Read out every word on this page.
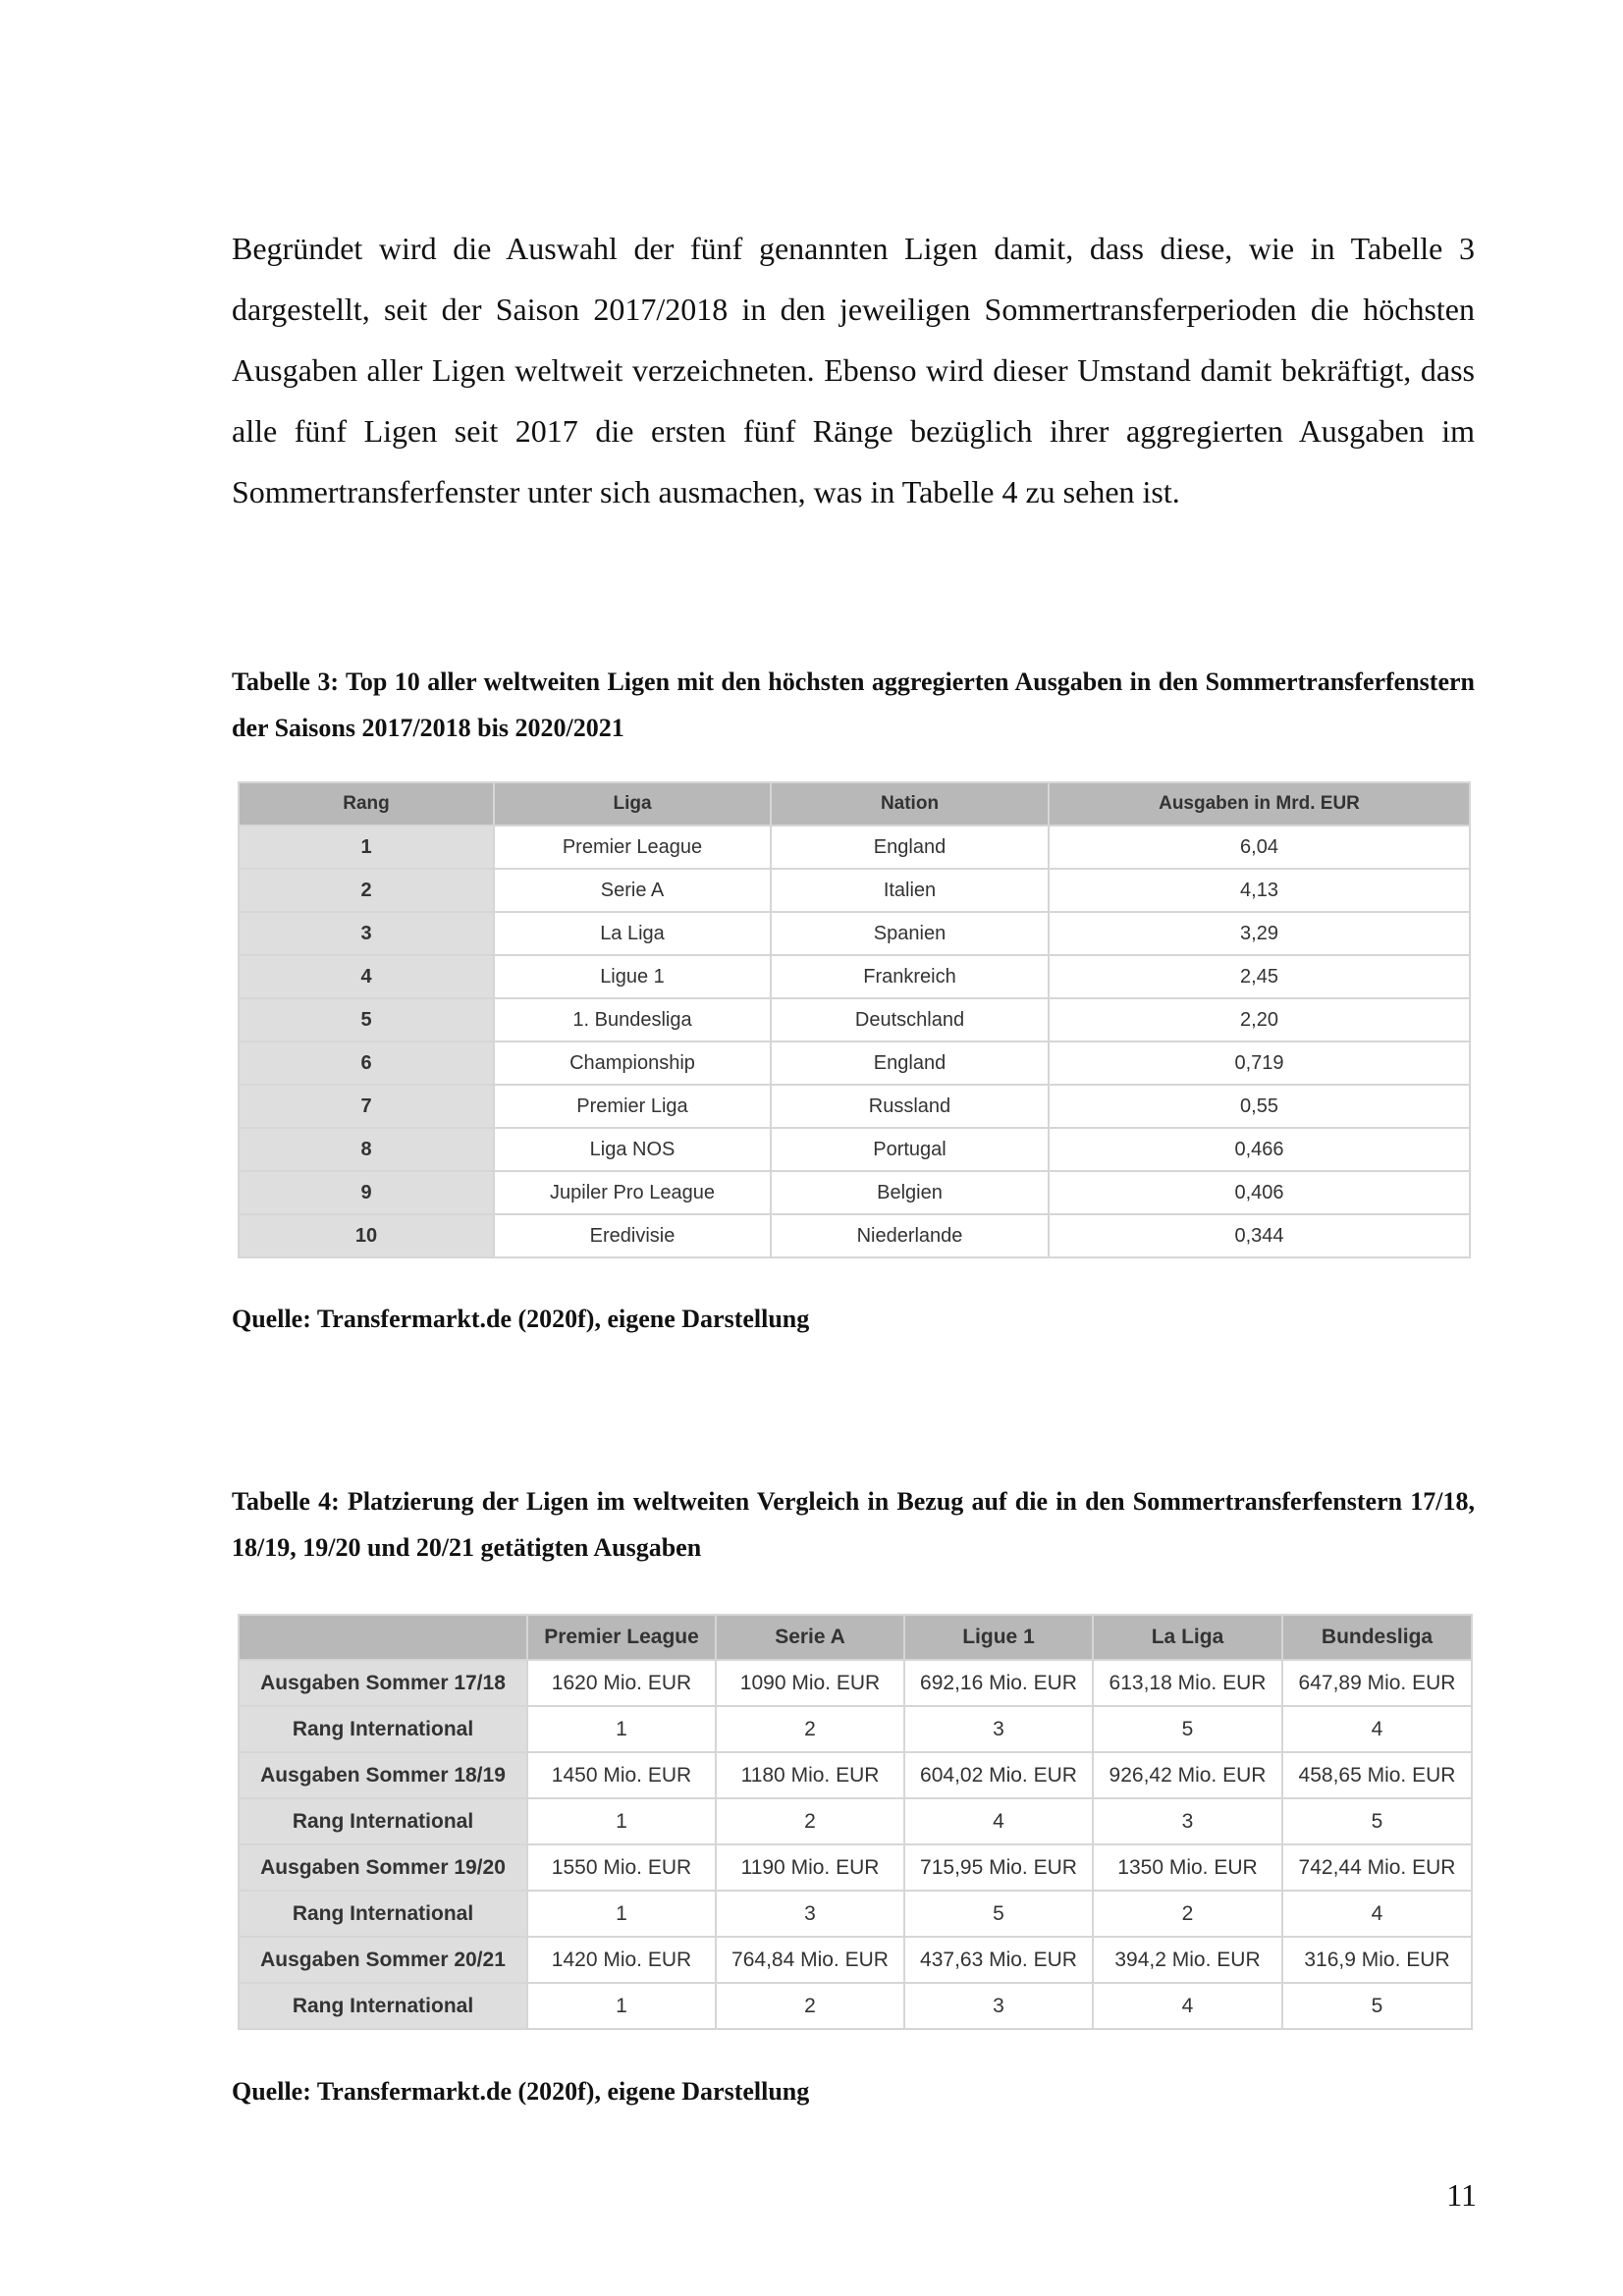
Begründet wird die Auswahl der fünf genannten Ligen damit, dass diese, wie in Tabelle 3 dargestellt, seit der Saison 2017/2018 in den jeweiligen Sommertransferperioden die höchsten Ausgaben aller Ligen weltweit verzeichneten. Ebenso wird dieser Umstand damit bekräftigt, dass alle fünf Ligen seit 2017 die ersten fünf Ränge bezüglich ihrer aggregierten Ausgaben im Sommertransferfenster unter sich ausmachen, was in Tabelle 4 zu sehen ist.

Tabelle 3: Top 10 aller weltweiten Ligen mit den höchsten aggregierten Ausgaben in den Sommertransferfenstern der Saisons 2017/2018 bis 2020/2021

Rang	Liga	Nation	Ausgaben in Mrd. EUR
1	Premier League	England	6,04
2	Serie A	Italien	4,13
3	La Liga	Spanien	3,29
4	Ligue 1	Frankreich	2,45
5	1. Bundesliga	Deutschland	2,20
6	Championship	England	0,719
7	Premier Liga	Russland	0,55
8	Liga NOS	Portugal	0,466
9	Jupiler Pro League	Belgien	0,406
10	Eredivisie	Niederlande	0,344

Quelle: Transfermarkt.de (2020f), eigene Darstellung

Tabelle 4: Platzierung der Ligen im weltweiten Vergleich in Bezug auf die in den Sommertransferfenstern 17/18, 18/19, 19/20 und 20/21 getätigten Ausgaben

	Premier League	Serie A	Ligue 1	La Liga	Bundesliga
Ausgaben Sommer 17/18	1620 Mio. EUR	1090 Mio. EUR	692,16 Mio. EUR	613,18 Mio. EUR	647,89 Mio. EUR
Rang International	1	2	3	5	4
Ausgaben Sommer 18/19	1450 Mio. EUR	1180 Mio. EUR	604,02 Mio. EUR	926,42 Mio. EUR	458,65 Mio. EUR
Rang International	1	2	4	3	5
Ausgaben Sommer 19/20	1550 Mio. EUR	1190 Mio. EUR	715,95 Mio. EUR	1350 Mio. EUR	742,44 Mio. EUR
Rang International	1	3	5	2	4
Ausgaben Sommer 20/21	1420 Mio. EUR	764,84 Mio. EUR	437,63 Mio. EUR	394,2 Mio. EUR	316,9 Mio. EUR
Rang International	1	2	3	4	5

Quelle: Transfermarkt.de (2020f), eigene Darstellung

11
